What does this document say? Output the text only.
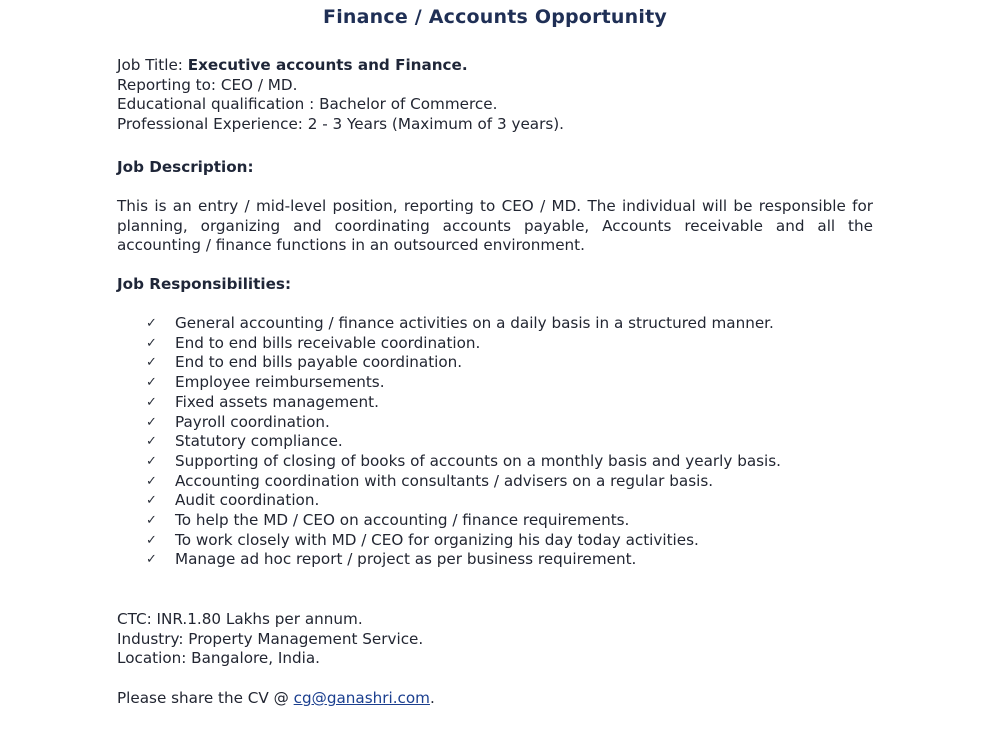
Finance / Accounts Opportunity
Job Title: Executive accounts and Finance.
Reporting to: CEO / MD.
Educational qualification : Bachelor of Commerce.
Professional Experience: 2 - 3 Years (Maximum of 3 years).
Job Description:
This is an entry / mid-level position, reporting to CEO / MD. The individual will be responsible for planning, organizing and coordinating accounts payable, Accounts receivable and all the accounting / finance functions in an outsourced environment.
Job Responsibilities:
✓ General accounting / finance activities on a daily basis in a structured manner.
✓ End to end bills receivable coordination.
✓ End to end bills payable coordination.
✓ Employee reimbursements.
✓ Fixed assets management.
✓ Payroll coordination.
✓ Statutory compliance.
✓ Supporting of closing of books of accounts on a monthly basis and yearly basis.
✓ Accounting coordination with consultants / advisers on a regular basis.
✓ Audit coordination.
✓ To help the MD / CEO on accounting / finance requirements.
✓ To work closely with MD / CEO for organizing his day today activities.
✓ Manage ad hoc report / project as per business requirement.
CTC: INR.1.80 Lakhs per annum.
Industry: Property Management Service.
Location: Bangalore, India.
Please share the CV @ cg@ganashri.com.
